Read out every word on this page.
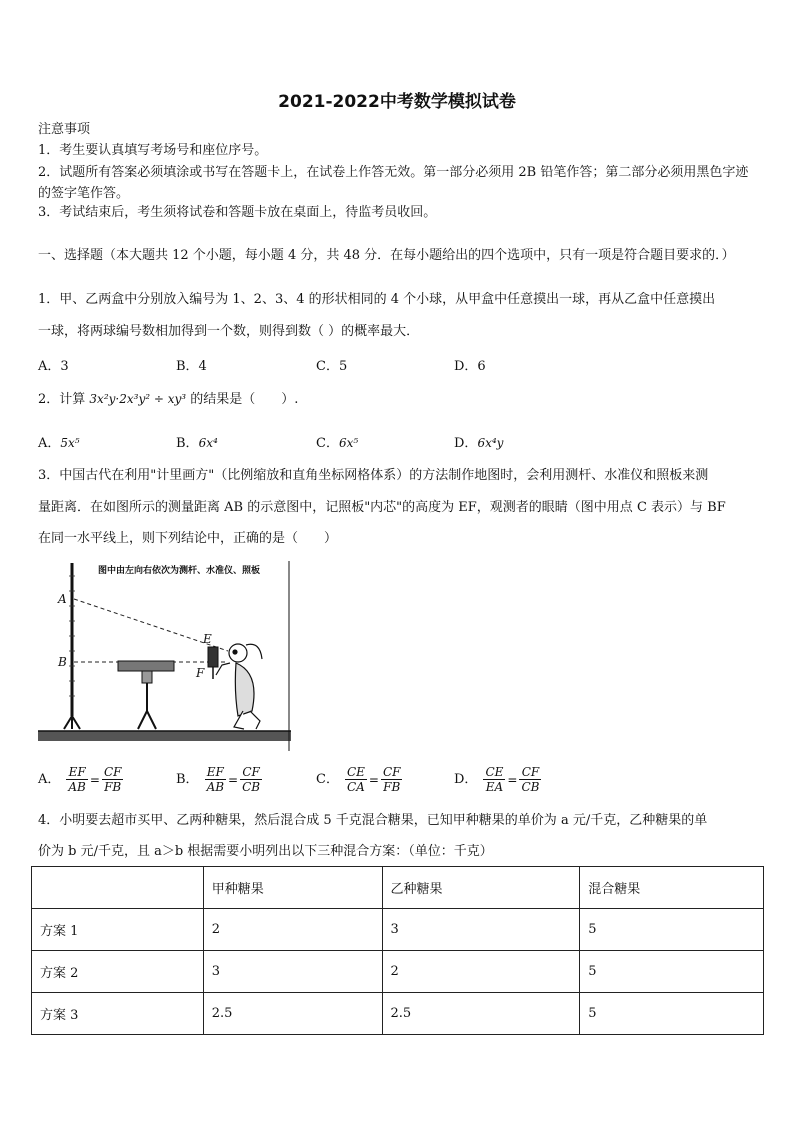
2021-2022中考数学模拟试卷
注意事项
1．考生要认真填写考场号和座位序号。
2．试题所有答案必须填涂或书写在答题卡上，在试卷上作答无效。第一部分必须用 2B 铅笔作答；第二部分必须用黑色字迹的签字笔作答。
3．考试结束后，考生须将试卷和答题卡放在桌面上，待监考员收回。
一、选择题（本大题共 12 个小题，每小题 4 分，共 48 分．在每小题给出的四个选项中，只有一项是符合题目要求的．）
1．甲、乙两盒中分别放入编号为 1、2、3、4 的形状相同的 4 个小球，从甲盒中任意摸出一球，再从乙盒中任意摸出
一球，将两球编号数相加得到一个数，则得到数（ ）的概率最大．
A．3	B．4	C．5	D．6
2．计算 3x²y·2x³y² ÷ xy³ 的结果是（　　）.
A．5x⁵	B．6x⁴	C．6x⁵	D．6x⁴y
3．中国古代在利用"计里画方"（比例缩放和直角坐标网格体系）的方法制作地图时，会利用测杆、水准仪和照板来测
量距离．在如图所示的测量距离 AB 的示意图中，记照板"内芯"的高度为 EF，观测者的眼睛（图中用点 C 表示）与 BF
在同一水平线上，则下列结论中，正确的是（　　）
图中由左向右依次为测杆、水准仪、照板
A
B
E
F
A． $\frac{EF}{AB} = \frac{CF}{FB}$	B． $\frac{EF}{AB} = \frac{CF}{CB}$	C． $\frac{CE}{CA} = \frac{CF}{FB}$	D． $\frac{CE}{EA} = \frac{CF}{CB}$
4．小明要去超市买甲、乙两种糖果，然后混合成 5 千克混合糖果，已知甲种糖果的单价为 a 元/千克，乙种糖果的单
价为 b 元/千克，且 a＞b 根据需要小明列出以下三种混合方案：（单位：千克）
	甲种糖果	乙种糖果	混合糖果
方案 1	2	3	5
方案 2	3	2	5
方案 3	2.5	2.5	5
